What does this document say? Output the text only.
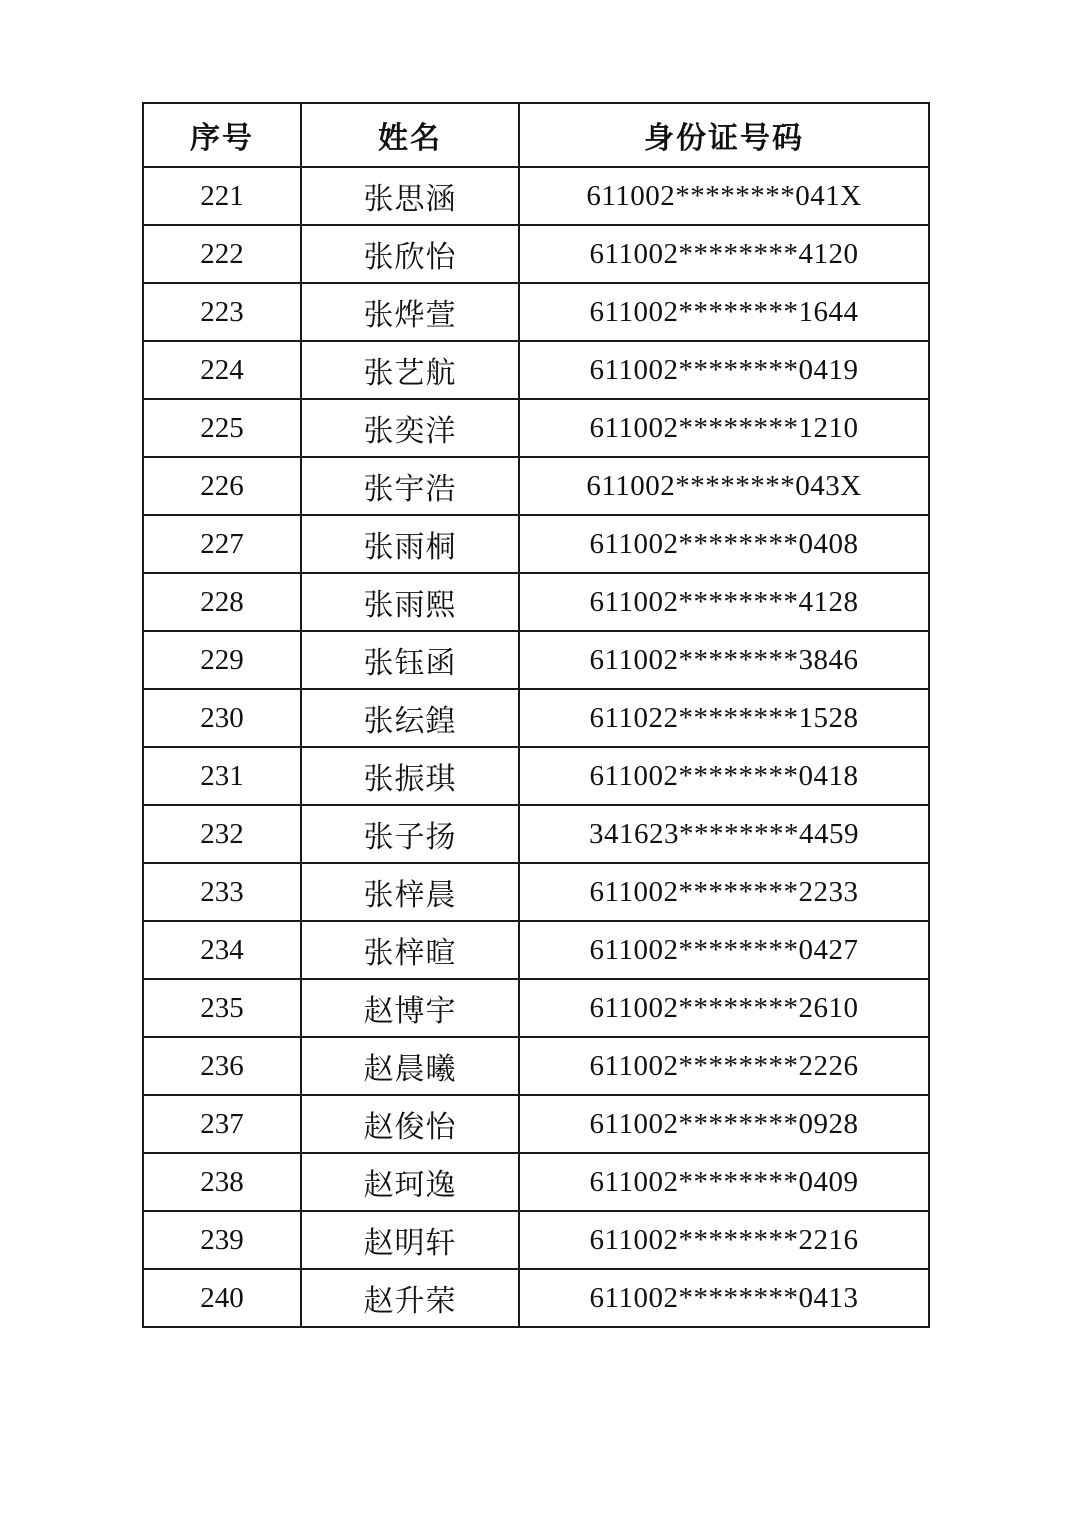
序号	姓名	身份证号码
221	张思涵	611002********041X
222	张欣怡	611002********4120
223	张烨萱	611002********1644
224	张艺航	611002********0419
225	张奕洋	611002********1210
226	张宇浩	611002********043X
227	张雨桐	611002********0408
228	张雨熙	611002********4128
229	张钰函	611002********3846
230	张纭鍠	611022********1528
231	张振琪	611002********0418
232	张子扬	341623********4459
233	张梓晨	611002********2233
234	张梓暄	611002********0427
235	赵博宇	611002********2610
236	赵晨曦	611002********2226
237	赵俊怡	611002********0928
238	赵珂逸	611002********0409
239	赵明轩	611002********2216
240	赵升荣	611002********0413
